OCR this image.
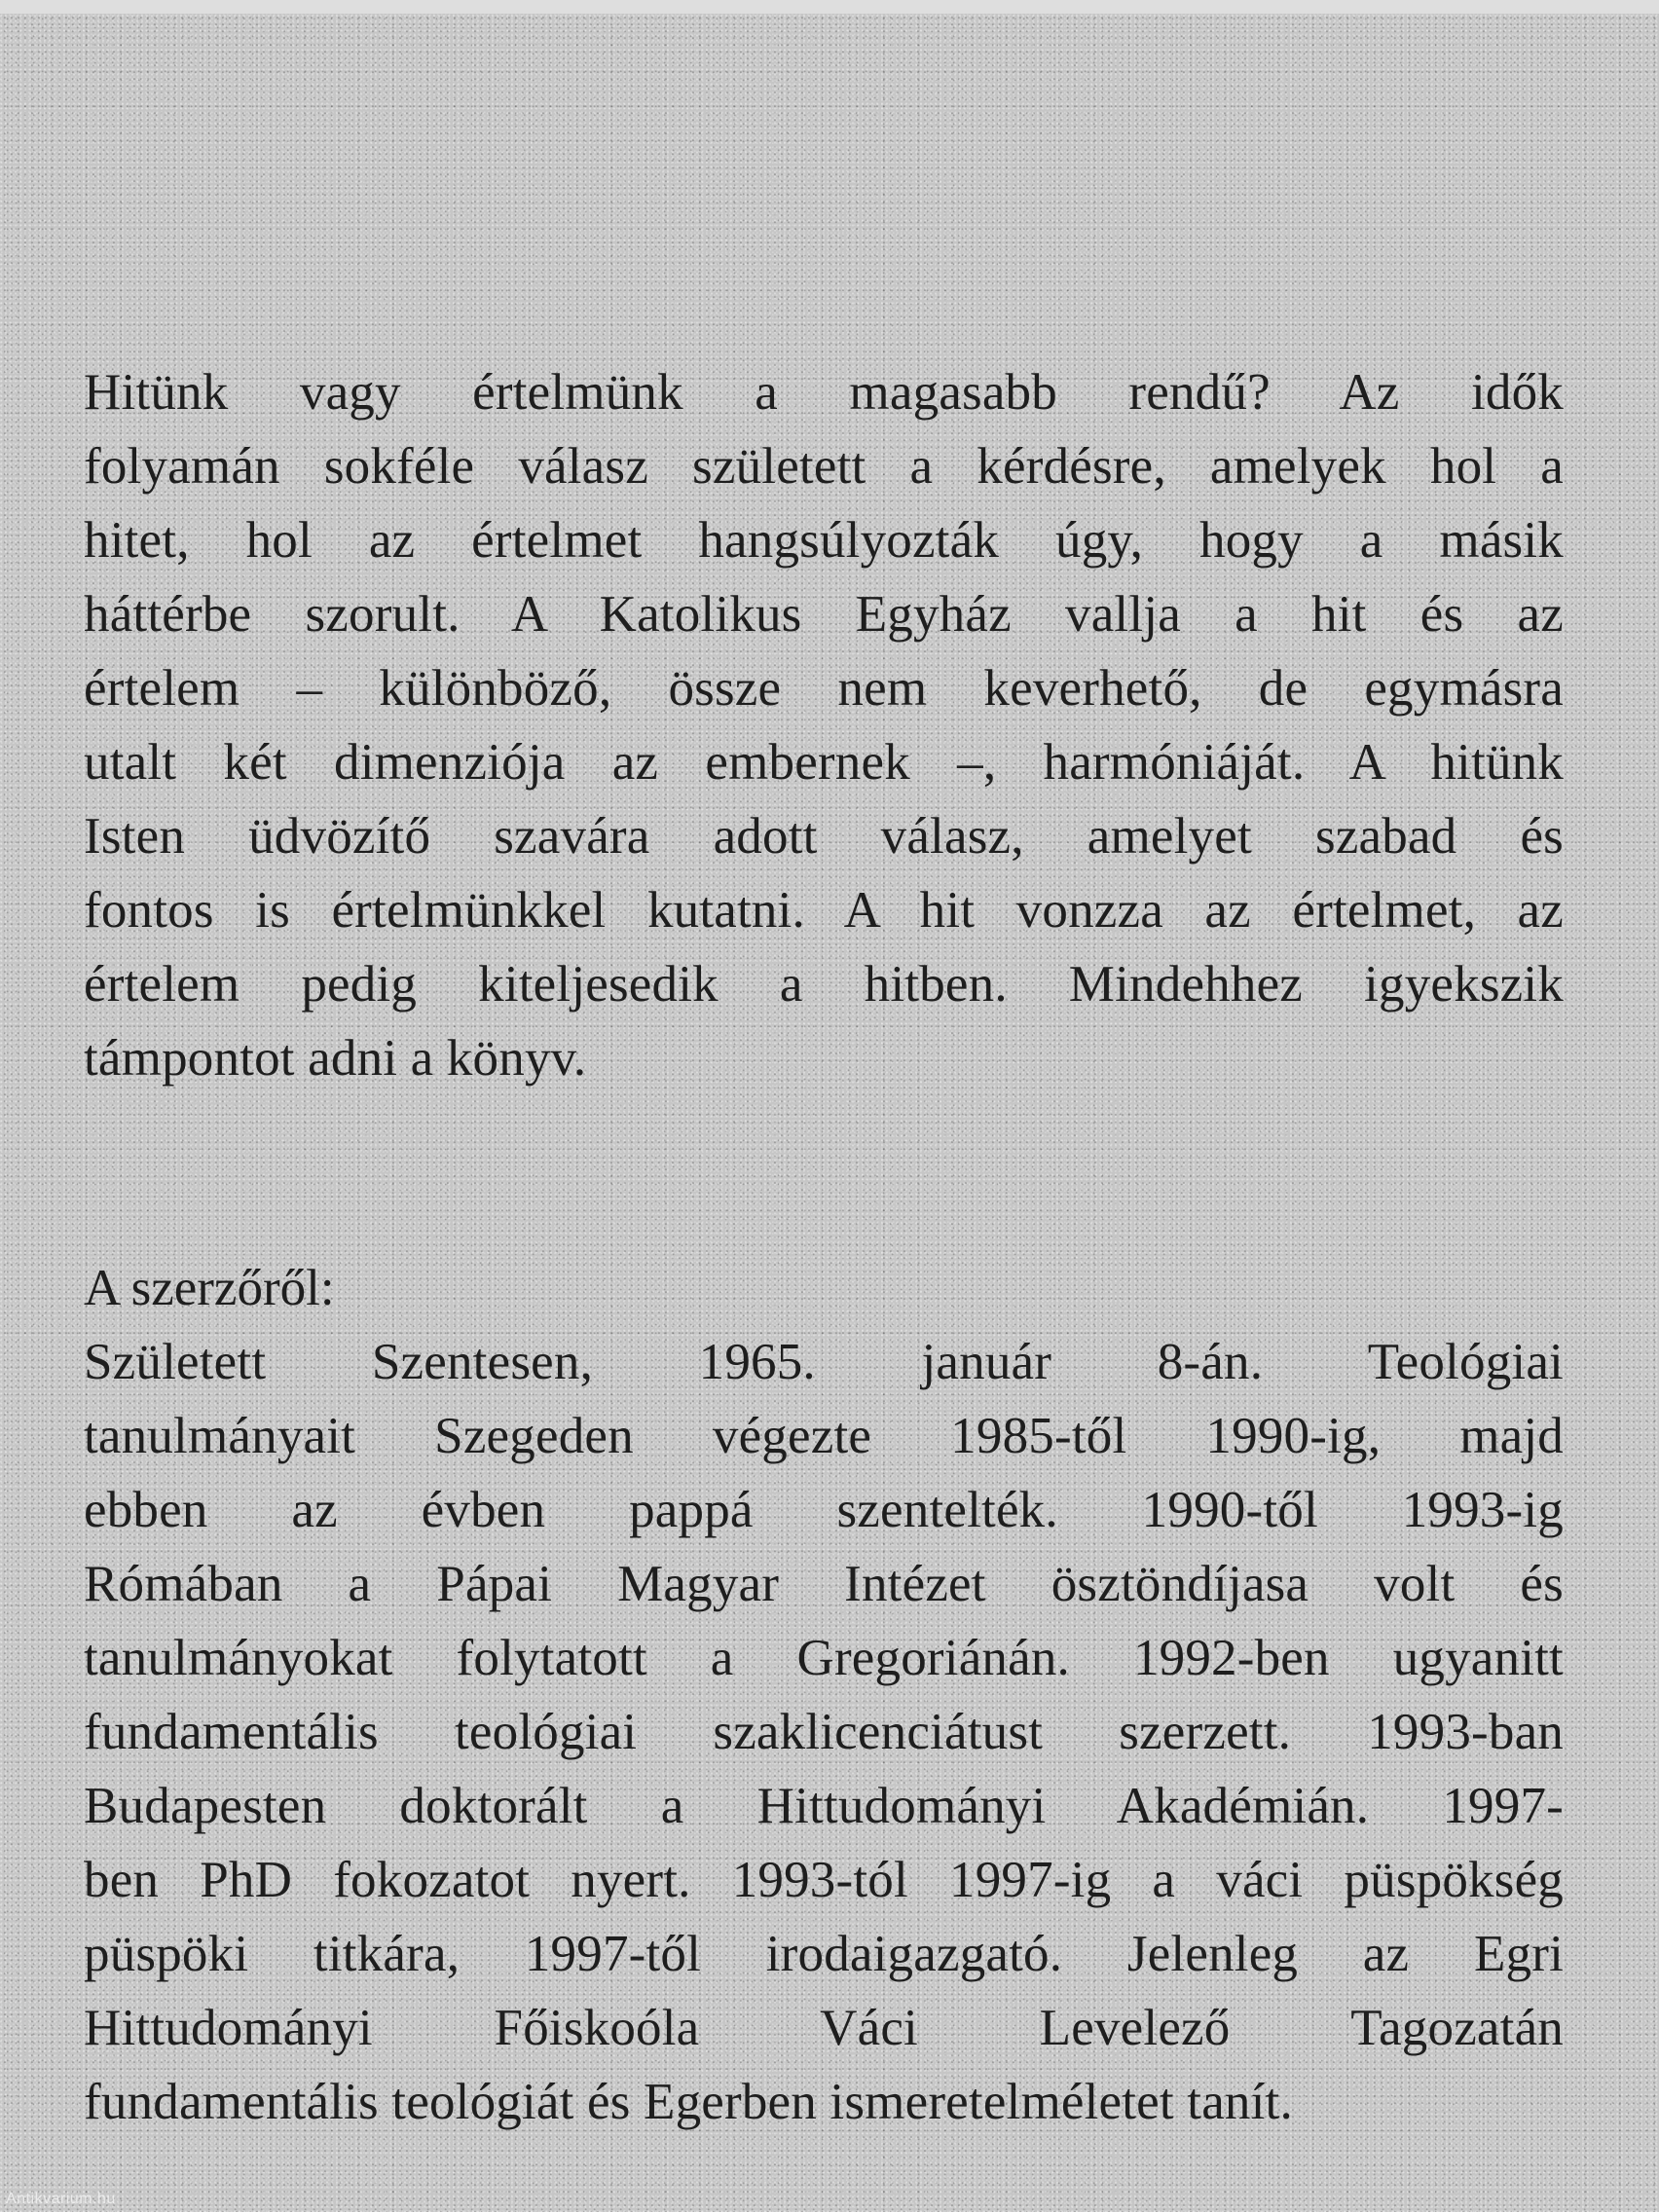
Hitünk vagy értelmünk a magasabb rendű? Az idők
folyamán sokféle válasz született a kérdésre, amelyek hol a
hitet, hol az értelmet hangsúlyozták úgy, hogy a másik
háttérbe szorult. A Katolikus Egyház vallja a hit és az
értelem – különböző, össze nem keverhető, de egymásra
utalt két dimenziója az embernek –, harmóniáját. A hitünk
Isten üdvözítő szavára adott válasz, amelyet szabad és
fontos is értelmünkkel kutatni. A hit vonzza az értelmet, az
értelem pedig kiteljesedik a hitben. Mindehhez igyekszik
támpontot adni a könyv.

A szerzőről:

Született Szentesen, 1965. január 8-án. Teológiai
tanulmányait Szegeden végezte 1985-től 1990-ig, majd
ebben az évben pappá szentelték. 1990-től 1993-ig
Rómában a Pápai Magyar Intézet ösztöndíjasa volt és
tanulmányokat folytatott a Gregoriánán. 1992-ben ugyanitt
fundamentális teológiai szaklicenciátust szerzett. 1993-ban
Budapesten doktorált a Hittudományi Akadémián. 1997-
ben PhD fokozatot nyert. 1993-tól 1997-ig a váci püspökség
püspöki titkára, 1997-től irodaigazgató. Jelenleg az Egri
Hittudományi Főiskoóla Váci Levelező Tagozatán
fundamentális teológiát és Egerben ismeretelméletet tanít.

Antikvarium.hu
